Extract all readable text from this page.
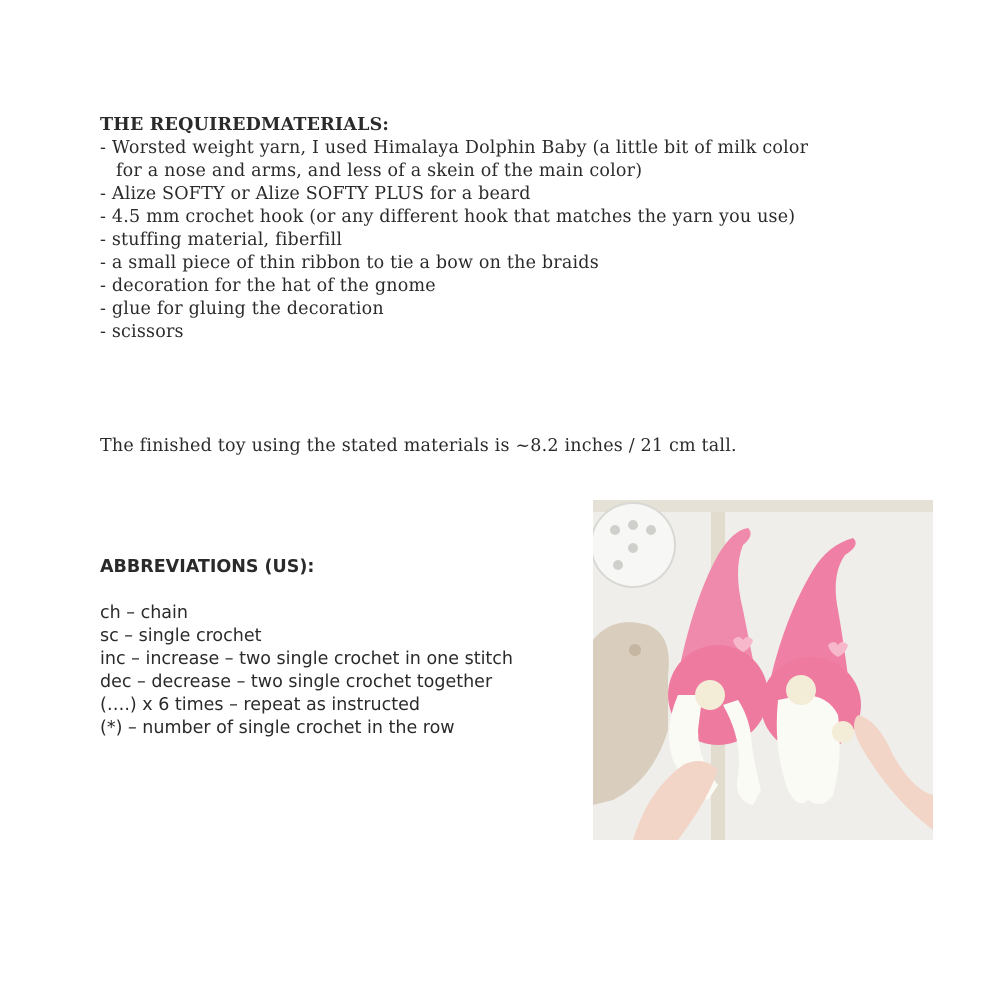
THE REQUIREDMATERIALS:
- Worsted weight yarn, I used Himalaya Dolphin Baby (a little bit of milk color
for a nose and arms, and less of a skein of the main color)
- Alize SOFTY or Alize SOFTY PLUS for a beard
- 4.5 mm crochet hook (or any different hook that matches the yarn you use)
- stuffing material, fiberfill
- a small piece of thin ribbon to tie a bow on the braids
- decoration for the hat of the gnome
- glue for gluing the decoration
- scissors
The finished toy using the stated materials is ~8.2 inches / 21 cm tall.
ABBREVIATIONS (US):
ch – chain
sc – single crochet
inc – increase – two single crochet in one stitch
dec – decrease – two single crochet together
(….) x 6 times – repeat as instructed
(*) – number of single crochet in the row
